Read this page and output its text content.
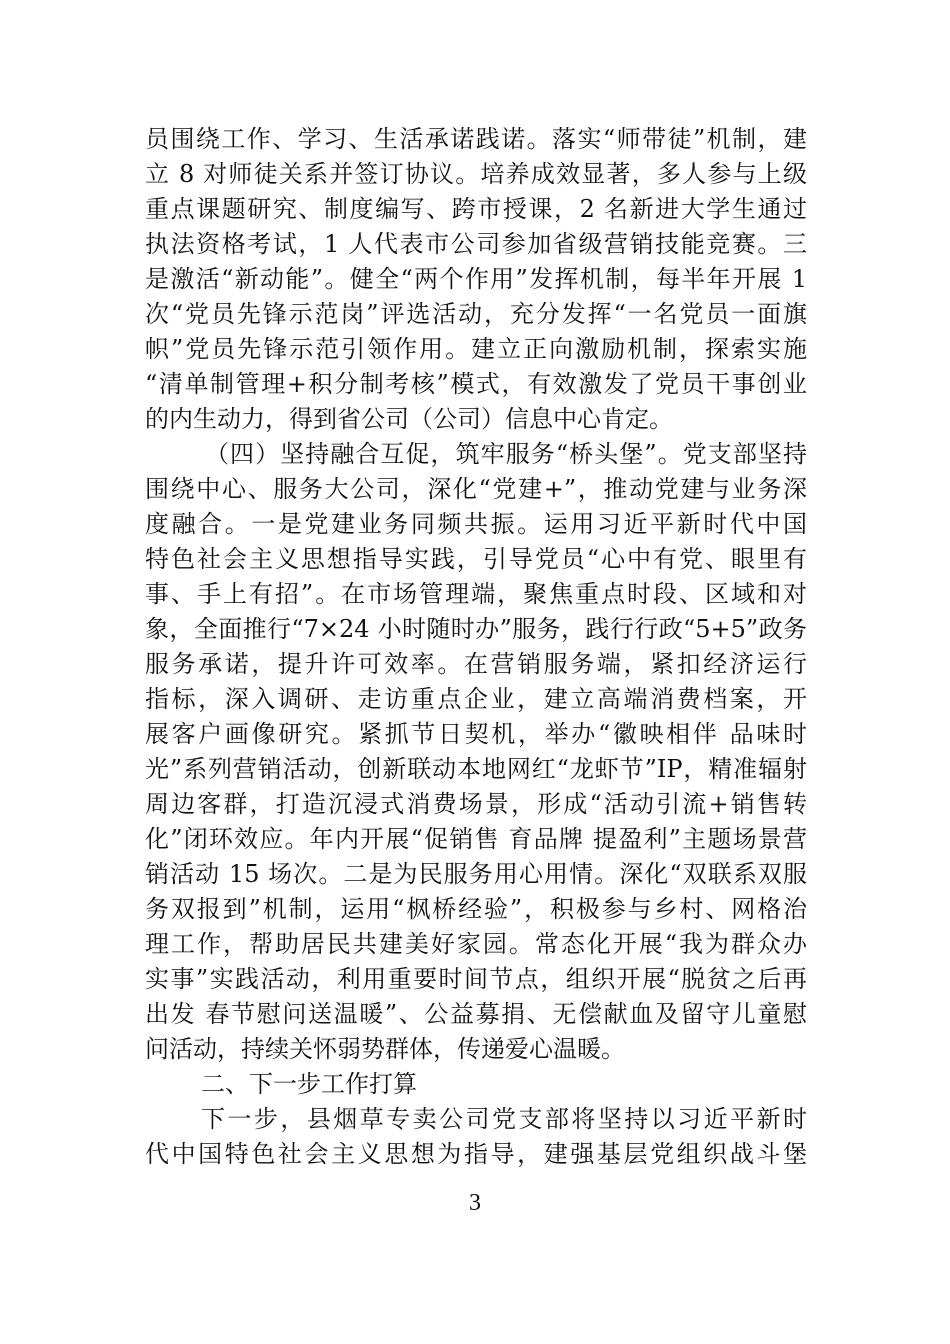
员围绕工作、学习、生活承诺践诺。落实“师带徒”机制，建
立 8 对师徒关系并签订协议。培养成效显著，多人参与上级
重点课题研究、制度编写、跨市授课，2 名新进大学生通过
执法资格考试，1 人代表市公司参加省级营销技能竞赛。三
是激活“新动能”。健全“两个作用”发挥机制，每半年开展 1
次“党员先锋示范岗”评选活动，充分发挥“一名党员一面旗
帜”党员先锋示范引领作用。建立正向激励机制，探索实施
“清单制管理+积分制考核”模式，有效激发了党员干事创业
的内生动力，得到省公司（公司）信息中心肯定。
（四）坚持融合互促，筑牢服务“桥头堡”。党支部坚持
围绕中心、服务大公司，深化“党建+”，推动党建与业务深
度融合。一是党建业务同频共振。运用习近平新时代中国
特色社会主义思想指导实践，引导党员“心中有党、眼里有
事、手上有招”。在市场管理端，聚焦重点时段、区域和对
象，全面推行“7×24 小时随时办”服务，践行行政“5+5”政务
服务承诺，提升许可效率。在营销服务端，紧扣经济运行
指标，深入调研、走访重点企业，建立高端消费档案，开
展客户画像研究。紧抓节日契机，举办“徽映相伴 品味时
光”系列营销活动，创新联动本地网红“龙虾节”IP，精准辐射
周边客群，打造沉浸式消费场景，形成“活动引流+销售转
化”闭环效应。年内开展“促销售 育品牌 提盈利”主题场景营
销活动 15 场次。二是为民服务用心用情。深化“双联系双服
务双报到”机制，运用“枫桥经验”，积极参与乡村、网格治
理工作，帮助居民共建美好家园。常态化开展“我为群众办
实事”实践活动，利用重要时间节点，组织开展“脱贫之后再
出发 春节慰问送温暖”、公益募捐、无偿献血及留守儿童慰
问活动，持续关怀弱势群体，传递爱心温暖。
二、下一步工作打算
下一步，县烟草专卖公司党支部将坚持以习近平新时
代中国特色社会主义思想为指导，建强基层党组织战斗堡
3
